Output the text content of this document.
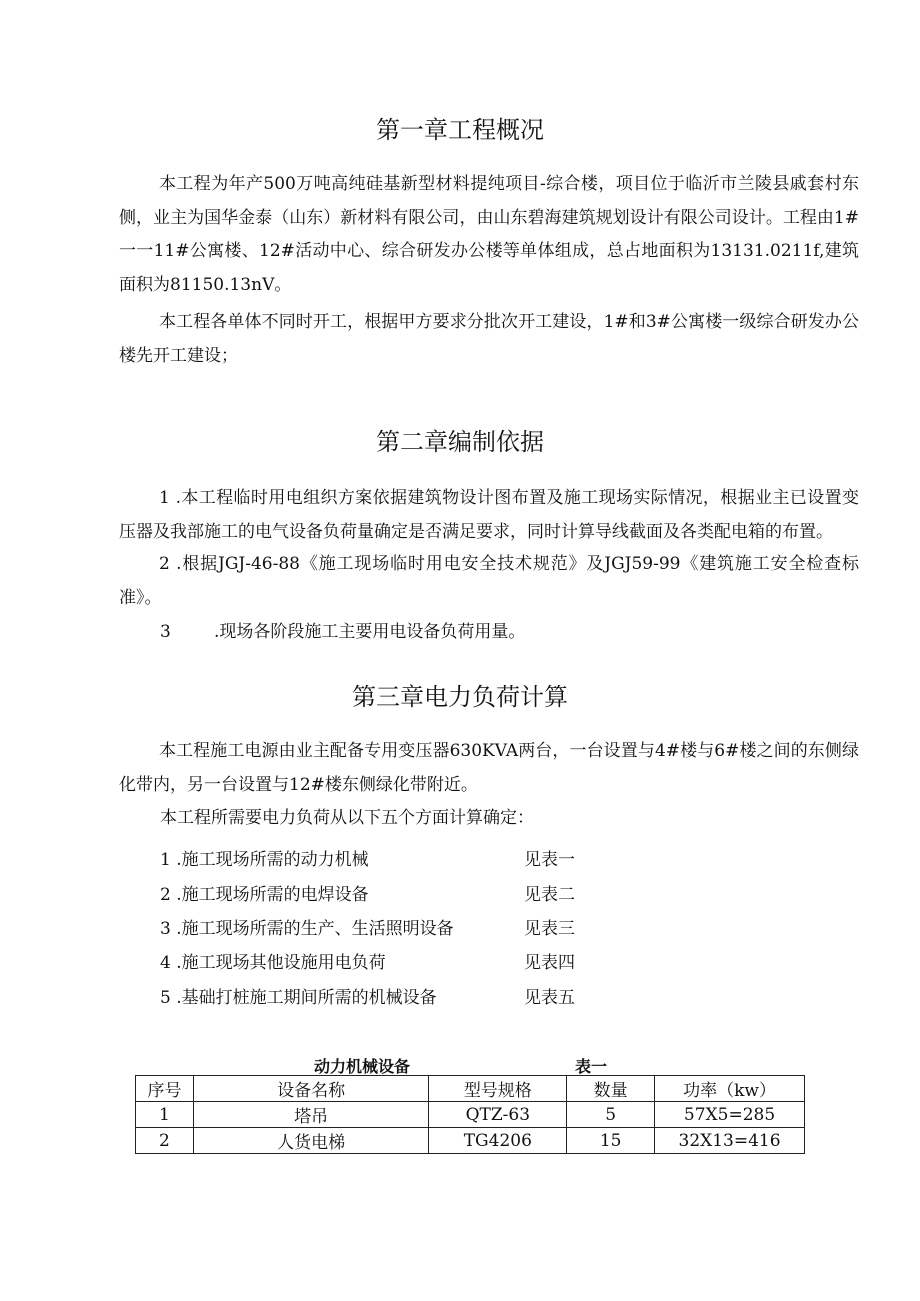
第一章工程概况

本工程为年产500万吨高纯硅基新型材料提纯项目-综合楼，项目位于临沂市兰陵县戚套村东侧，业主为国华金泰（山东）新材料有限公司，由山东碧海建筑规划设计有限公司设计。工程由1#一一11#公寓楼、12#活动中心、综合研发办公楼等单体组成，总占地面积为13131.0211f,建筑面积为81150.13nV。

本工程各单体不同时开工，根据甲方要求分批次开工建设，1#和3#公寓楼一级综合研发办公楼先开工建设；

第二章编制依据

1 .本工程临时用电组织方案依据建筑物设计图布置及施工现场实际情况，根据业主已设置变压器及我部施工的电气设备负荷量确定是否满足要求，同时计算导线截面及各类配电箱的布置。

2 .根据JGJ-46-88《施工现场临时用电安全技术规范》及JGJ59-99《建筑施工安全检查标准》。

3	.现场各阶段施工主要用电设备负荷用量。
第三章电力负荷计算

本工程施工电源由业主配备专用变压器630KVA两台，一台设置与4#楼与6#楼之间的东侧绿化带内，另一台设置与12#楼东侧绿化带附近。

本工程所需要电力负荷从以下五个方面计算确定：
1 .施工现场所需的动力机械	见表一
2 .施工现场所需的电焊设备	见表二
3 .施工现场所需的生产、生活照明设备	见表三
4 .施工现场其他设施用电负荷	见表四
5 .基础打桩施工期间所需的机械设备	见表五
动力机械设备	表一
序号	设备名称	型号规格	数量	功率（kw）
1	塔吊	QTZ-63	5	57X5=285
2	人货电梯	TG4206	15	32X13=416
